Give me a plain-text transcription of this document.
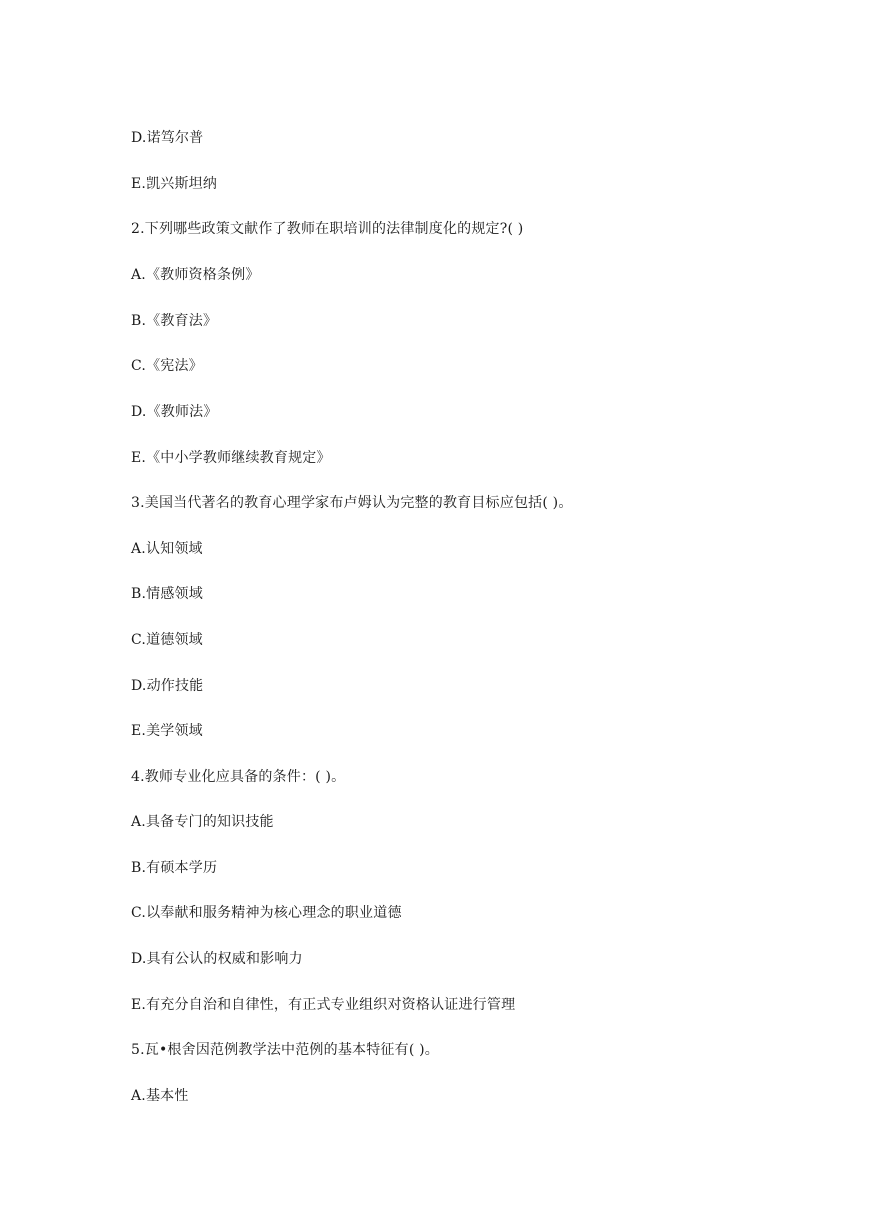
D.诺笃尔普
E.凯兴斯坦纳
2.下列哪些政策文献作了教师在职培训的法律制度化的规定?( )
A.《教师资格条例》
B.《教育法》
C.《宪法》
D.《教师法》
E.《中小学教师继续教育规定》
3.美国当代著名的教育心理学家布卢姆认为完整的教育目标应包括( )。
A.认知领域
B.情感领域
C.道德领域
D.动作技能
E.美学领域
4.教师专业化应具备的条件：( )。
A.具备专门的知识技能
B.有硕本学历
C.以奉献和服务精神为核心理念的职业道德
D.具有公认的权威和影响力
E.有充分自治和自律性，有正式专业组织对资格认证进行管理
5.瓦•根舍因范例教学法中范例的基本特征有( )。
A.基本性
